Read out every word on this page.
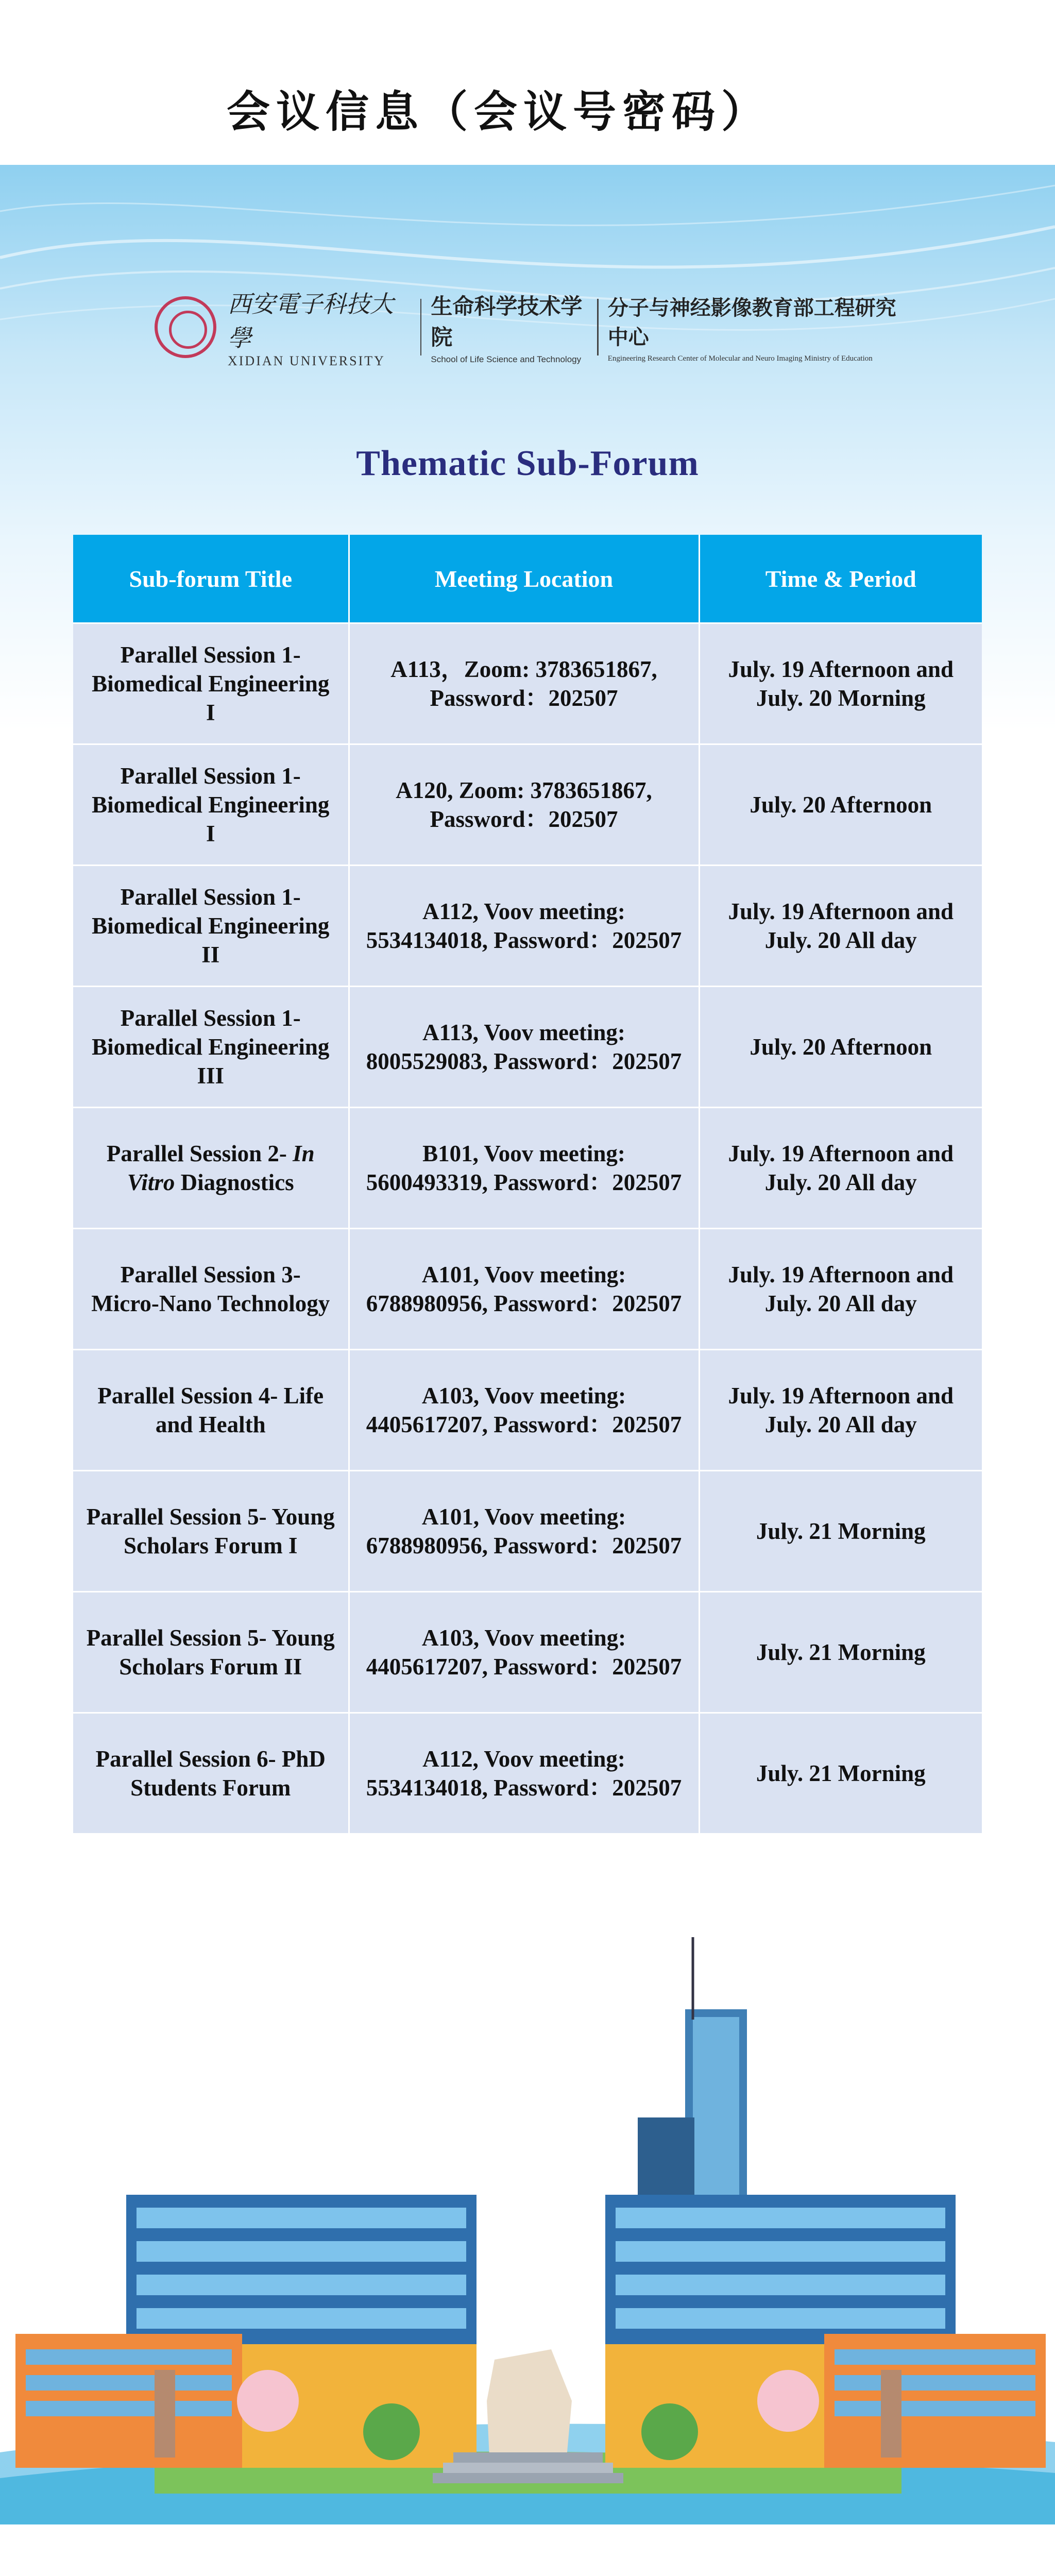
会议信息（会议号密码）
西安電子科技大學
XIDIAN UNIVERSITY
生命科学技术学院
School of Life Science and Technology
分子与神经影像教育部工程研究中心
Engineering Research Center of Molecular and Neuro Imaging Ministry of Education
Thematic Sub-Forum
Sub-forum Title	Meeting Location	Time & Period
Parallel Session 1- Biomedical Engineering I	A113，Zoom: 3783651867, Password：202507	July. 19 Afternoon and July. 20 Morning
Parallel Session 1- Biomedical Engineering I	A120, Zoom: 3783651867, Password：202507	July. 20 Afternoon
Parallel Session 1- Biomedical Engineering II	A112, Voov meeting: 5534134018, Password：202507	July. 19 Afternoon and July. 20 All day
Parallel Session 1- Biomedical Engineering III	A113, Voov meeting: 8005529083, Password：202507	July. 20 Afternoon
Parallel Session 2- In Vitro Diagnostics	B101, Voov meeting: 5600493319, Password：202507	July. 19 Afternoon and July. 20 All day
Parallel Session 3- Micro-Nano Technology	A101, Voov meeting: 6788980956, Password：202507	July. 19 Afternoon and July. 20 All day
Parallel Session 4- Life and Health	A103, Voov meeting: 4405617207, Password：202507	July. 19 Afternoon and July. 20 All day
Parallel Session 5- Young Scholars Forum I	A101, Voov meeting: 6788980956, Password：202507	July. 21 Morning
Parallel Session 5- Young Scholars Forum II	A103, Voov meeting: 4405617207, Password：202507	July. 21 Morning
Parallel Session 6- PhD Students Forum	A112, Voov meeting: 5534134018, Password：202507	July. 21 Morning
